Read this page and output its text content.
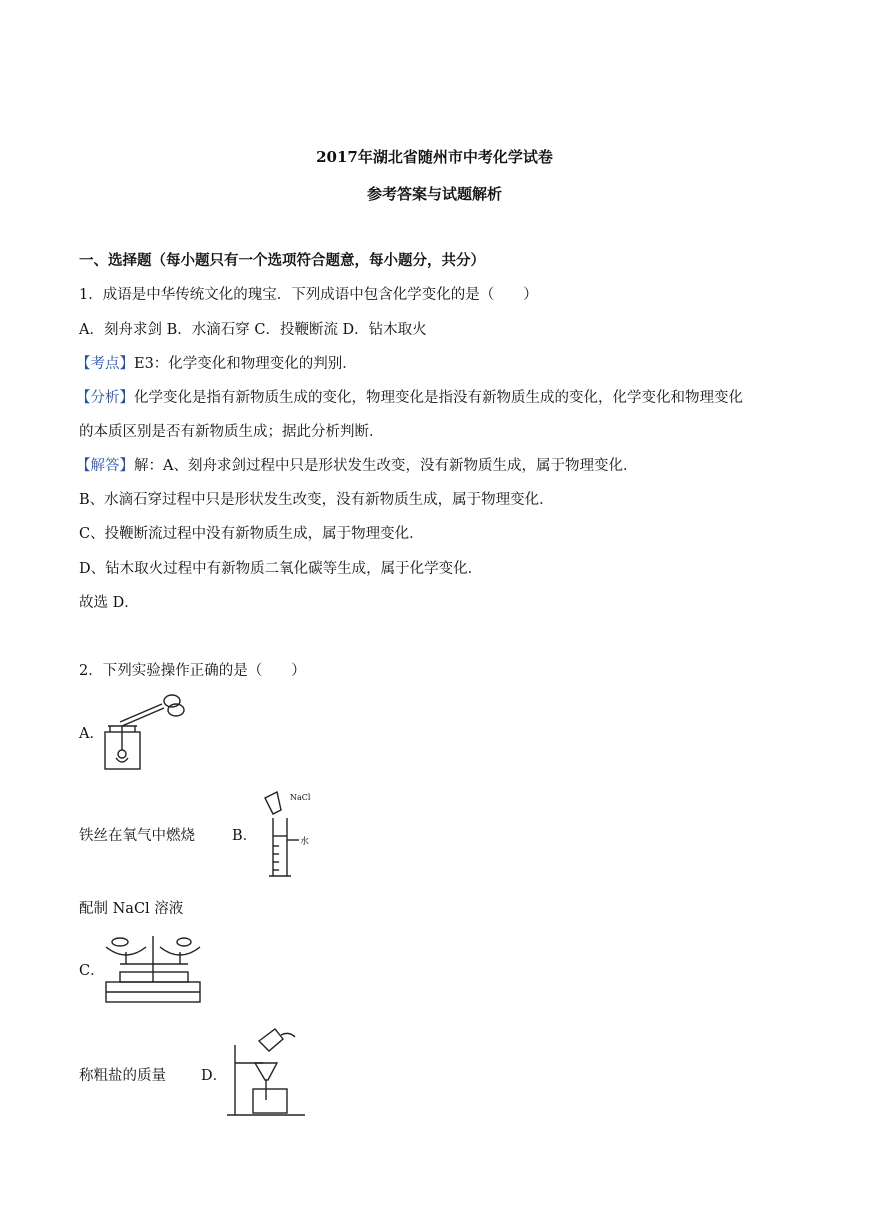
2017年湖北省随州市中考化学试卷
参考答案与试题解析
一、选择题（每小题只有一个选项符合题意，每小题分，共分）
1．成语是中华传统文化的瑰宝．下列成语中包含化学变化的是（　　）
A．刻舟求剑 B．水滴石穿 C．投鞭断流 D．钻木取火
【考点】E3：化学变化和物理变化的判别．
【分析】化学变化是指有新物质生成的变化，物理变化是指没有新物质生成的变化，化学变化和物理变化
的本质区别是否有新物质生成；据此分析判断．
【解答】解：A、刻舟求剑过程中只是形状发生改变，没有新物质生成，属于物理变化．
B、水滴石穿过程中只是形状发生改变，没有新物质生成，属于物理变化．
C、投鞭断流过程中没有新物质生成，属于物理变化．
D、钻木取火过程中有新物质二氧化碳等生成，属于化学变化．
故选 D．
2．下列实验操作正确的是（　　）
A．
铁丝在氧气中燃烧	B．
NaCl
水
配制 NaCl 溶液
C．
称粗盐的质量 D．
